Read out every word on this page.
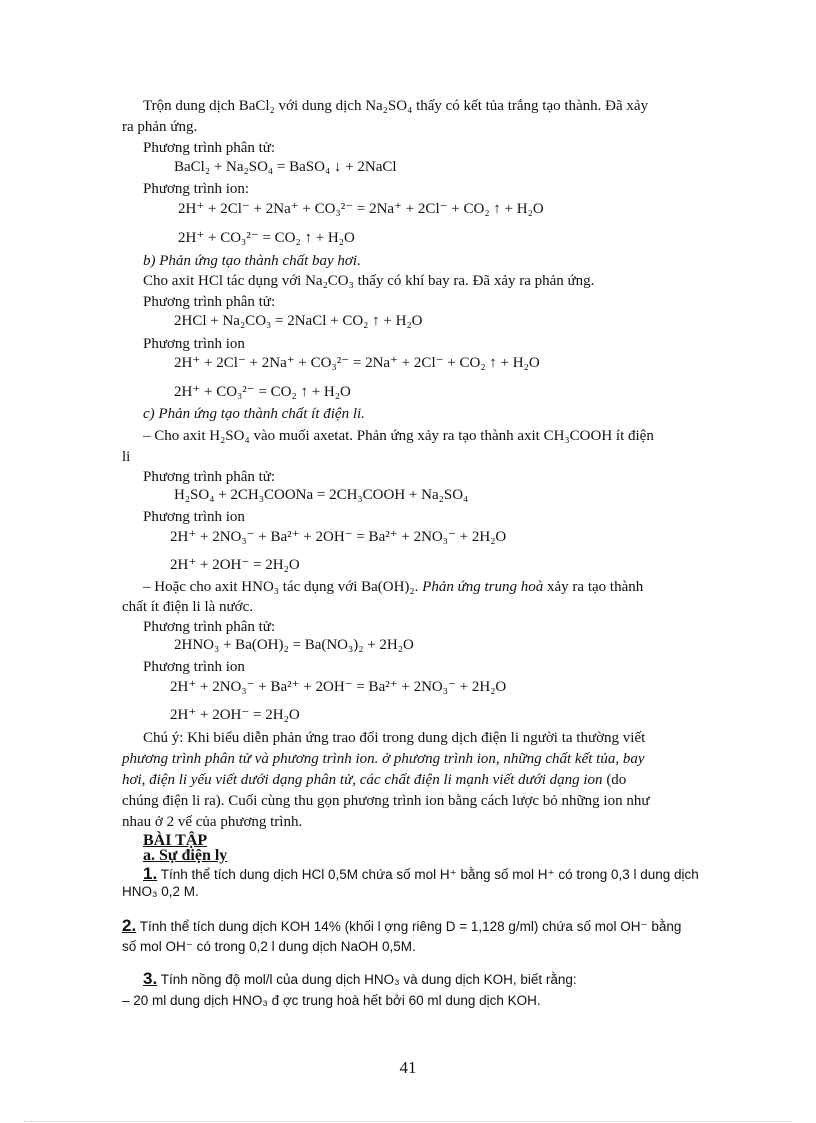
Trộn dung dịch BaCl₂ với dung dịch Na₂SO₄ thấy có kết tủa trắng tạo thành. Đã xảy
ra phản ứng.
Phương trình phân tử:
BaCl₂ + Na₂SO₄ = BaSO₄ ↓ + 2NaCl
Phương trình ion:
2H⁺ + 2Cl⁻ + 2Na⁺ + CO₃²⁻ = 2Na⁺ + 2Cl⁻ + CO₂ ↑ + H₂O
2H⁺ + CO₃²⁻ = CO₂ ↑ + H₂O
b) Phản ứng tạo thành chất bay hơi.
Cho axit HCl tác dụng với Na₂CO₃ thấy có khí bay ra. Đã xảy ra phản ứng.
Phương trình phân tử:
2HCl + Na₂CO₃ = 2NaCl + CO₂ ↑ + H₂O
Phương trình ion
2H⁺ + 2Cl⁻ + 2Na⁺ + CO₃²⁻ = 2Na⁺ + 2Cl⁻ + CO₂ ↑ + H₂O
2H⁺ + CO₃²⁻ = CO₂ ↑ + H₂O
c) Phản ứng tạo thành chất ít điện li.
– Cho axit H₂SO₄ vào muối axetat. Phản ứng xảy ra tạo thành axit CH₃COOH ít điện
li
Phương trình phân tử:
H₂SO₄ + 2CH₃COONa = 2CH₃COOH + Na₂SO₄
Phương trình ion
2H⁺ + 2NO₃⁻ + Ba²⁺ + 2OH⁻ = Ba²⁺ + 2NO₃⁻ + 2H₂O
2H⁺ + 2OH⁻ = 2H₂O
– Hoặc cho axit HNO₃ tác dụng với Ba(OH)₂. Phản ứng trung hoà xảy ra tạo thành
chất ít điện li là nước.
Phương trình phân tử:
2HNO₃ + Ba(OH)₂ = Ba(NO₃)₂ + 2H₂O
Phương trình ion
2H⁺ + 2NO₃⁻ + Ba²⁺ + 2OH⁻ = Ba²⁺ + 2NO₃⁻ + 2H₂O
2H⁺ + 2OH⁻ = 2H₂O
Chú ý: Khi biểu diễn phản ứng trao đổi trong dung dịch điện li người ta thường viết
phương trình phân tử và phương trình ion. ở phương trình ion, những chất kết tủa, bay
hơi, điện li yếu viết dưới dạng phân tử, các chất điện li mạnh viết dưới dạng ion (do
chúng điện li ra). Cuối cùng thu gọn phương trình ion bằng cách lược bỏ những ion như
nhau ở 2 vế của phương trình.
BÀI TẬP
a. Sự điện ly
1. Tính thể tích dung dịch HCl 0,5M chứa số mol H⁺ bằng số mol H⁺ có trong 0,3 l dung dịch
HNO₃ 0,2 M.
2. Tính thể tích dung dịch KOH 14% (khối l ợng riêng D = 1,128 g/ml) chứa số mol OH⁻ bằng
số mol OH⁻ có trong 0,2 l dung dịch NaOH 0,5M.
3. Tính nồng độ mol/l của dung dịch HNO₃ và dung dịch KOH, biết rằng:
– 20 ml dung dịch HNO₃ đ ợc trung hoà hết bởi 60 ml dung dịch KOH.
41
